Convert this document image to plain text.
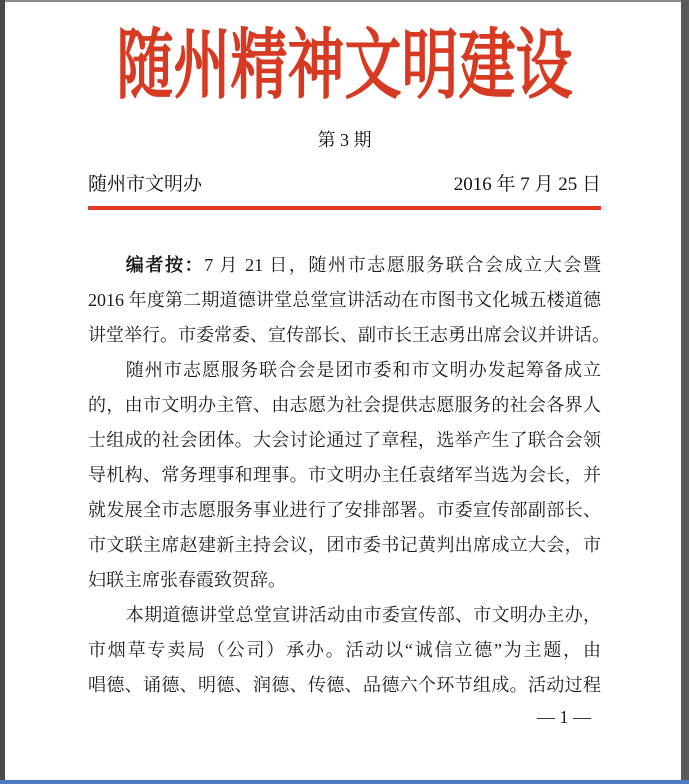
随州精神文明建设
第 3 期
随州市文明办	2016 年 7 月 25 日
编者按：7 月 21 日，随州市志愿服务联合会成立大会暨
2016 年度第二期道德讲堂总堂宣讲活动在市图书文化城五楼道德
讲堂举行。市委常委、宣传部长、副市长王志勇出席会议并讲话。
随州市志愿服务联合会是团市委和市文明办发起筹备成立
的，由市文明办主管、由志愿为社会提供志愿服务的社会各界人
士组成的社会团体。大会讨论通过了章程，选举产生了联合会领
导机构、常务理事和理事。市文明办主任袁绪军当选为会长，并
就发展全市志愿服务事业进行了安排部署。市委宣传部副部长、
市文联主席赵建新主持会议，团市委书记黄判出席成立大会，市
妇联主席张春霞致贺辞。
本期道德讲堂总堂宣讲活动由市委宣传部、市文明办主办，
市烟草专卖局（公司）承办。活动以“诚信立德”为主题，由
唱德、诵德、明德、润德、传德、品德六个环节组成。活动过程
— 1 —
